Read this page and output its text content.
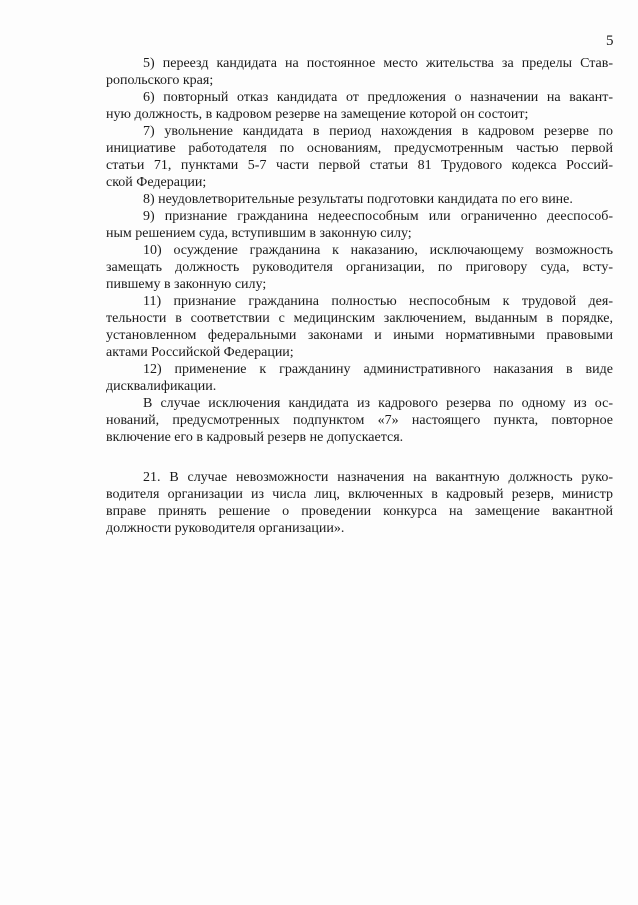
5

5) переезд кандидата на постоянное место жительства за пределы Став-
ропольского края;

6) повторный отказ кандидата от предложения о назначении на вакант-
ную должность, в кадровом резерве на замещение которой он состоит;

7) увольнение кандидата в период нахождения в кадровом резерве по
инициативе работодателя по основаниям, предусмотренным частью первой
статьи 71, пунктами 5-7 части первой статьи 81 Трудового кодекса Россий-
ской Федерации;

8) неудовлетворительные результаты подготовки кандидата по его вине.

9) признание гражданина недееспособным или ограниченно дееспособ-
ным решением суда, вступившим в законную силу;

10) осуждение гражданина к наказанию, исключающему возможность
замещать должность руководителя организации, по приговору суда, всту-
пившему в законную силу;

11) признание гражданина полностью неспособным к трудовой дея-
тельности в соответствии с медицинским заключением, выданным в порядке,
установленном федеральными законами и иными нормативными правовыми
актами Российской Федерации;

12) применение к гражданину административного наказания в виде
дисквалификации.

В случае исключения кандидата из кадрового резерва по одному из ос-
нований, предусмотренных подпунктом «7» настоящего пункта, повторное
включение его в кадровый резерв не допускается.

21. В случае невозможности назначения на вакантную должность руко-
водителя организации из числа лиц, включенных в кадровый резерв, министр
вправе принять решение о проведении конкурса на замещение вакантной
должности руководителя организации».
